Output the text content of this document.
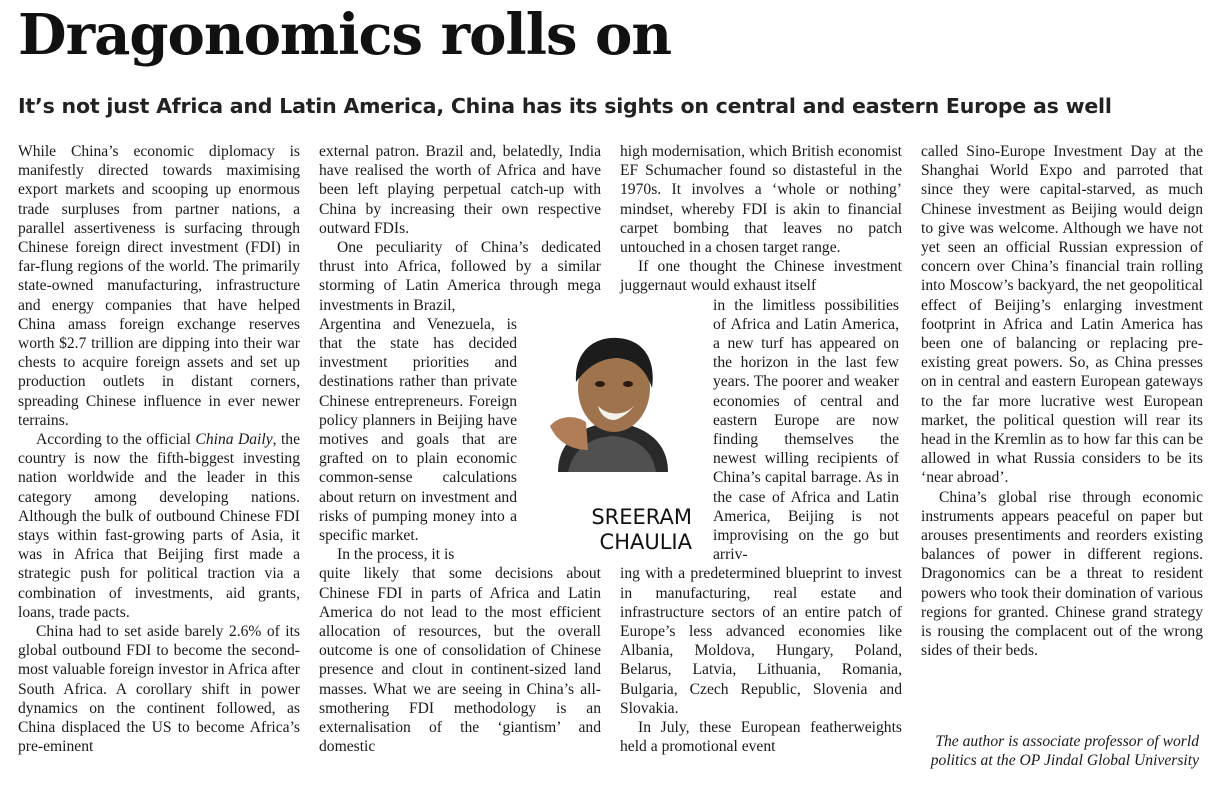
Dragonomics rolls on
It’s not just Africa and Latin America, China has its sights on central and eastern Europe as well

While China’s economic diplomacy is manifestly directed towards maximising export markets and scooping up enormous trade surpluses from partner nations, a parallel assertiveness is surfacing through Chinese foreign direct investment (FDI) in far-flung regions of the world. The primarily state-owned manufacturing, infrastructure and energy companies that have helped China amass foreign exchange reserves worth $2.7 trillion are dipping into their war chests to acquire foreign assets and set up production outlets in distant corners, spreading Chinese influence in ever newer terrains.

According to the official China Daily, the country is now the fifth-biggest investing nation worldwide and the leader in this category among developing nations. Although the bulk of outbound Chinese FDI stays within fast-growing parts of Asia, it was in Africa that Beijing first made a strategic push for political traction via a combination of investments, aid grants, loans, trade pacts.

China had to set aside barely 2.6% of its global outbound FDI to become the second-most valuable foreign investor in Africa after South Africa. A corollary shift in power dynamics on the continent followed, as China displaced the US to become Africa’s pre-eminent

external patron. Brazil and, belatedly, India have realised the worth of Africa and have been left playing perpetual catch-up with China by increasing their own respective outward FDIs.

One peculiarity of China’s dedicated thrust into Africa, followed by a similar storming of Latin America through mega investments in Brazil,

Argentina and Venezuela, is that the state has decided investment priorities and destinations rather than private Chinese entrepreneurs. Foreign policy planners in Beijing have motives and goals that are grafted on to plain economic common-sense calculations about return on investment and risks of pumping money into a specific market.

In the process, it is

quite likely that some decisions about Chinese FDI in parts of Africa and Latin America do not lead to the most efficient allocation of resources, but the overall outcome is one of consolidation of Chinese presence and clout in continent-sized land masses. What we are seeing in China’s all-smothering FDI methodology is an externalisation of the ‘giantism’ and domestic

SREERAM
CHAULIA

high modernisation, which British economist EF Schumacher found so distasteful in the 1970s. It involves a ‘whole or nothing’ mindset, whereby FDI is akin to financial carpet bombing that leaves no patch untouched in a chosen target range.

If one thought the Chinese investment juggernaut would exhaust itself

in the limitless possibilities of Africa and Latin America, a new turf has appeared on the horizon in the last few years. The poorer and weaker economies of central and eastern Europe are now finding themselves the newest willing recipients of China’s capital barrage. As in the case of Africa and Latin America, Beijing is not improvising on the go but arriv-

ing with a predetermined blueprint to invest in manufacturing, real estate and infrastructure sectors of an entire patch of Europe’s less advanced economies like Albania, Moldova, Hungary, Poland, Belarus, Latvia, Lithuania, Romania, Bulgaria, Czech Republic, Slovenia and Slovakia.

In July, these European featherweights held a promotional event

called Sino-Europe Investment Day at the Shanghai World Expo and parroted that since they were capital-starved, as much Chinese investment as Beijing would deign to give was welcome. Although we have not yet seen an official Russian expression of concern over China’s financial train rolling into Moscow’s backyard, the net geopolitical effect of Beijing’s enlarging investment footprint in Africa and Latin America has been one of balancing or replacing pre-existing great powers. So, as China presses on in central and eastern European gateways to the far more lucrative west European market, the political question will rear its head in the Kremlin as to how far this can be allowed in what Russia considers to be its ‘near abroad’.

China’s global rise through economic instruments appears peaceful on paper but arouses presentiments and reorders existing balances of power in different regions. Dragonomics can be a threat to resident powers who took their domination of various regions for granted. Chinese grand strategy is rousing the complacent out of the wrong sides of their beds.

The author is associate professor of world politics at the OP Jindal Global University
